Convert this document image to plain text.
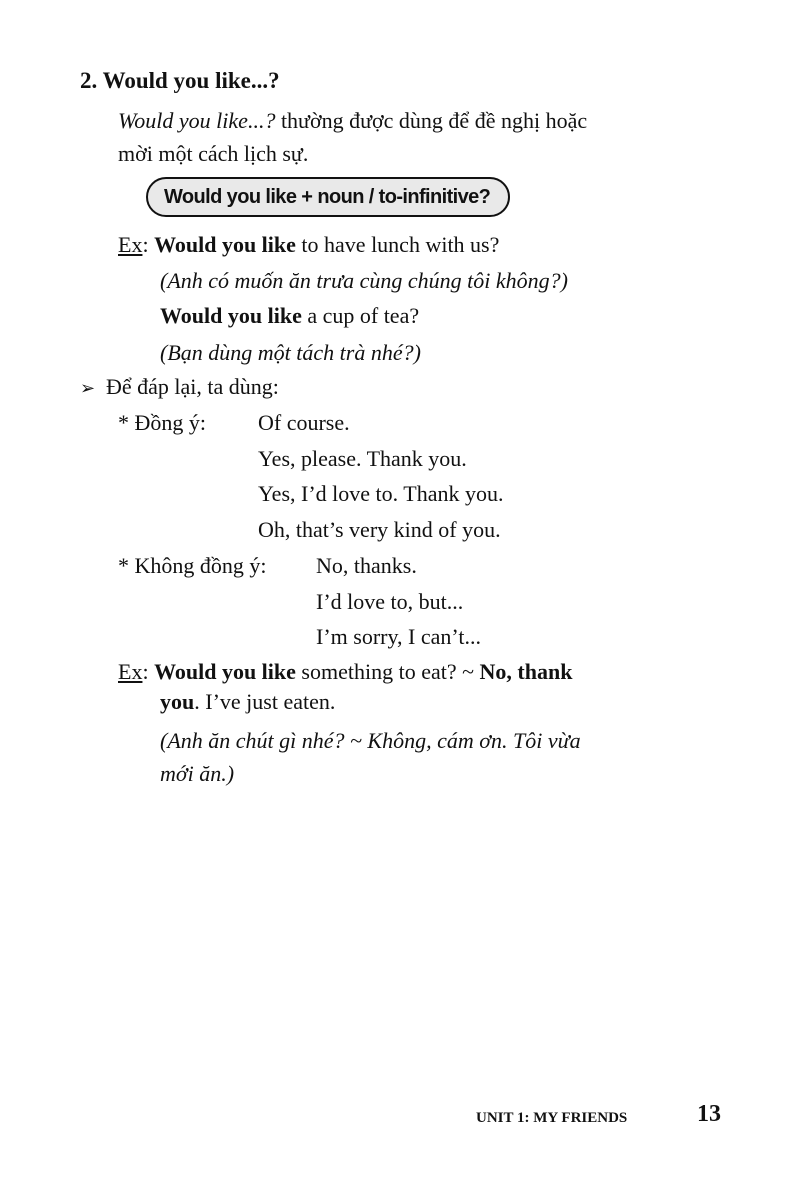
2. Would you like...?
Would you like...? thường được dùng để đề nghị hoặc
mời một cách lịch sự.
Would you like + noun / to-infinitive?
Ex: Would you like to have lunch with us?
(Anh có muốn ăn trưa cùng chúng tôi không?)
Would you like a cup of tea?
(Bạn dùng một tách trà nhé?)
➢ Để đáp lại, ta dùng:
* Đồng ý: Of course.
Yes, please. Thank you.
Yes, I’d love to. Thank you.
Oh, that’s very kind of you.
* Không đồng ý: No, thanks.
I’d love to, but...
I’m sorry, I can’t...
Ex: Would you like something to eat? ~ No, thank
you. I’ve just eaten.
(Anh ăn chút gì nhé? ~ Không, cám ơn. Tôi vừa
mới ăn.)
UNIT 1: MY FRIENDS	13
